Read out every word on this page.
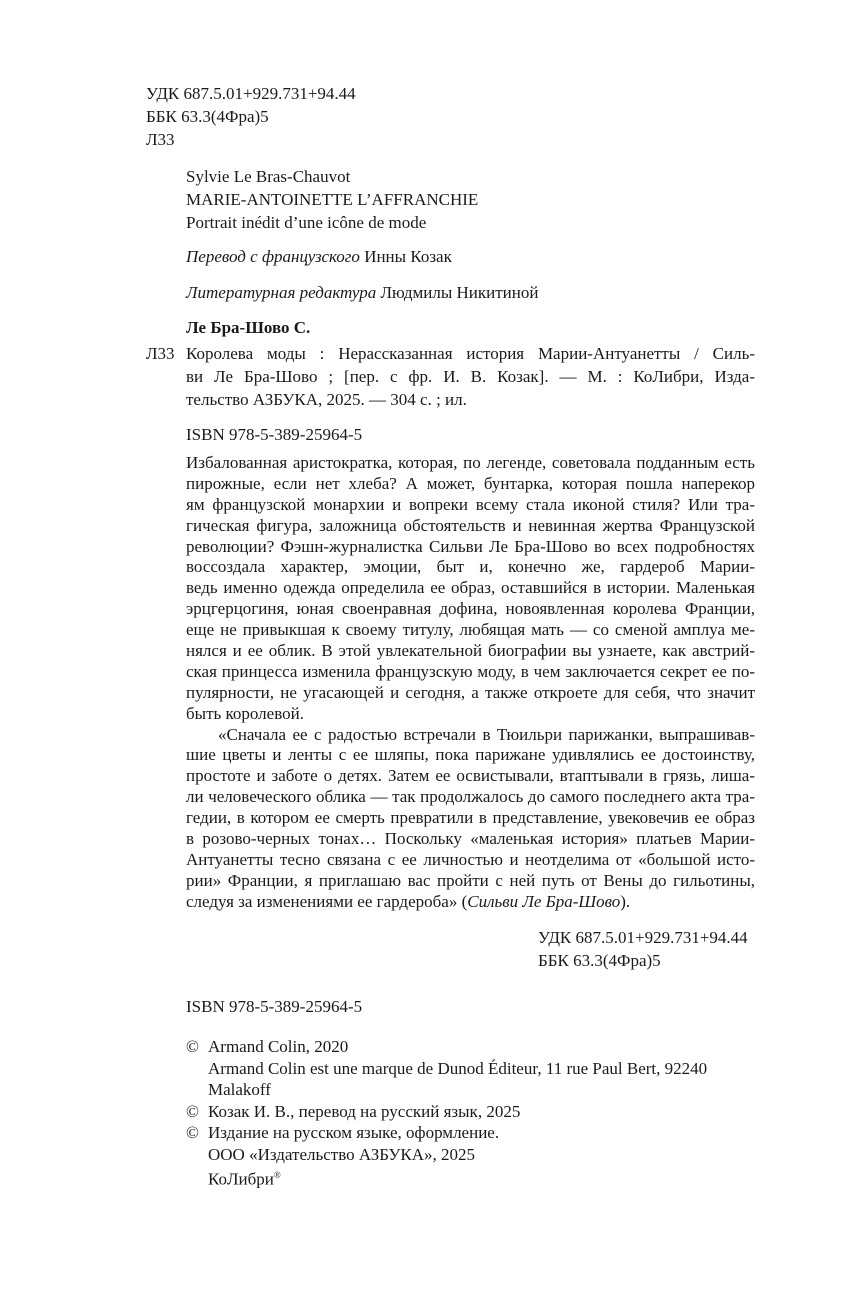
УДК 687.5.01+929.731+94.44
ББК 63.3(4Фра)5
Л33
Sylvie Le Bras-Chauvot
MARIE-ANTOINETTE L’AFFRANCHIE
Portrait inédit d’une icône de mode
Перевод с французского Инны Козак
Литературная редактура Людмилы Никитиной
Ле Бра-Шово С.
Л33 Королева моды : Нерассказанная история Марии-Антуанетты / Силь-
ви Ле Бра-Шово ; [пер. с фр. И. В. Козак]. — М. : КоЛибри, Изда-
тельство АЗБУКА, 2025. — 304 с. ; ил.
ISBN 978-5-389-25964-5
Избалованная аристократка, которая, по легенде, советовала подданным есть
пирожные, если нет хлеба? А может, бунтарка, которая пошла наперекор
ям французской монархии и вопреки всему стала иконой стиля? Или тра-
гическая фигура, заложница обстоятельств и невинная жертва Французской
революции? Фэшн-журналистка Сильви Ле Бра-Шово во всех подробностях
воссоздала характер, эмоции, быт и, конечно же, гардероб Марии-
ведь именно одежда определила ее образ, оставшийся в истории. Маленькая
эрцгерцогиня, юная своенравная дофина, новоявленная королева Франции,
еще не привыкшая к своему титулу, любящая мать — со сменой амплуа ме-
нялся и ее облик. В этой увлекательной биографии вы узнаете, как австрий-
ская принцесса изменила французскую моду, в чем заключается секрет ее по-
пулярности, не угасающей и сегодня, а также откроете для себя, что значит
быть королевой.
«Сначала ее с радостью встречали в Тюильри парижанки, выпрашивав-
шие цветы и ленты с ее шляпы, пока парижане удивлялись ее достоинству,
простоте и заботе о детях. Затем ее освистывали, втаптывали в грязь, лиша-
ли человеческого облика — так продолжалось до самого последнего акта тра-
гедии, в котором ее смерть превратили в представление, увековечив ее образ
в розово-черных тонах… Поскольку «маленькая история» платьев Марии-
Антуанетты тесно связана с ее личностью и неотделима от «большой исто-
рии» Франции, я приглашаю вас пройти с ней путь от Вены до гильотины,
следуя за изменениями ее гардероба» (Сильви Ле Бра-Шово).
УДК 687.5.01+929.731+94.44
ББК 63.3(4Фра)5
ISBN 978-5-389-25964-5
© Armand Colin, 2020
Armand Colin est une marque de Dunod Éditeur, 11 rue Paul Bert, 92240
Malakoff
© Козак И. В., перевод на русский язык, 2025
© Издание на русском языке, оформление.
ООО «Издательство АЗБУКА», 2025
КоЛибри®
